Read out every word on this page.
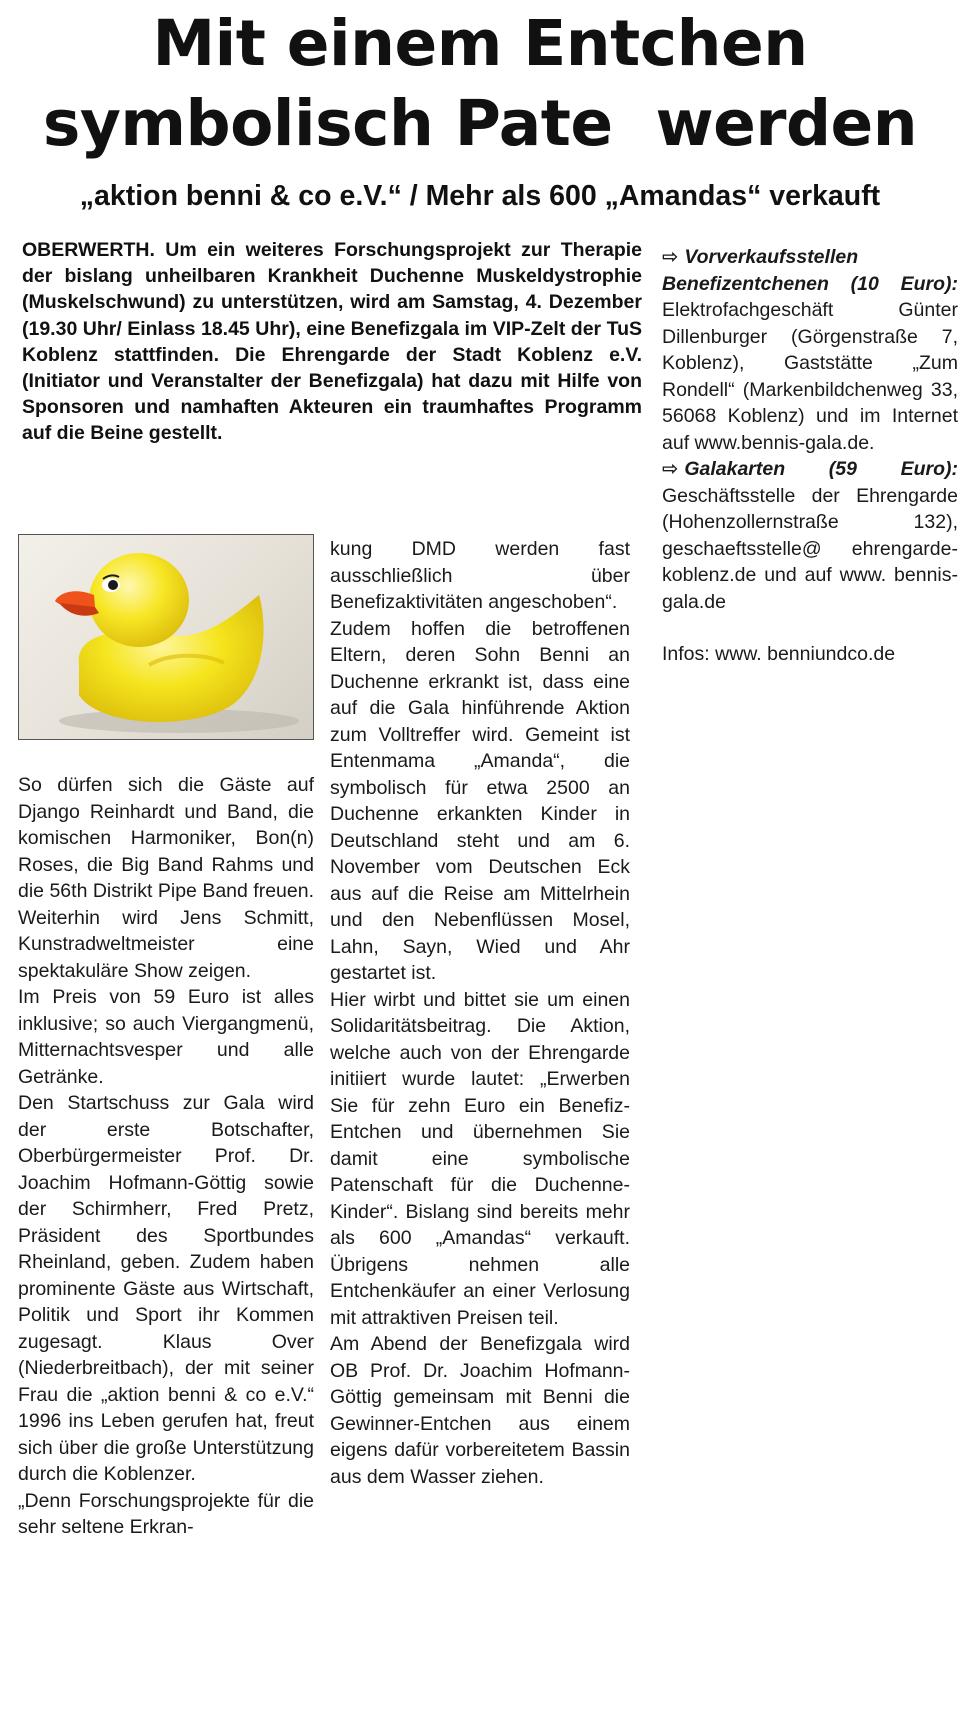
Mit einem Entchen
symbolisch Pate  werden
„aktion benni & co e.V.“ / Mehr als 600 „Amandas“ verkauft
OBERWERTH. Um ein weiteres Forschungsprojekt zur Therapie der bislang unheilbaren Krankheit Duchenne Muskeldystrophie (Muskelschwund) zu unterstützen, wird am Samstag, 4. Dezember (19.30 Uhr/ Einlass 18.45 Uhr), eine Benefizgala im VIP-Zelt der TuS Koblenz stattfinden. Die Ehrengarde der Stadt Koblenz e.V. (Initiator und Veranstalter der Benefizgala) hat dazu mit Hilfe von Sponsoren und namhaften Akteuren ein traumhaftes Programm auf die Beine gestellt.

So dürfen sich die Gäste auf Django Reinhardt und Band, die komischen Harmoniker, Bon(n) Roses, die Big Band Rahms und die 56th Distrikt Pipe Band freuen. Weiterhin wird Jens Schmitt, Kunstradweltmeister eine spektakuläre Show zeigen.

Im Preis von 59 Euro ist alles inklusive; so auch Viergangmenü, Mitternachtsvesper und alle Getränke.

Den Startschuss zur Gala wird der erste Botschafter, Oberbürgermeister Prof. Dr. Joachim Hofmann-Göttig sowie der Schirmherr, Fred Pretz, Präsident des Sportbundes Rheinland, geben. Zudem haben prominente Gäste aus Wirtschaft, Politik und Sport ihr Kommen zugesagt. Klaus Over (Niederbreitbach), der mit seiner Frau die „aktion benni & co e.V.“ 1996 ins Leben gerufen hat, freut sich über die große Unterstützung durch die Koblenzer.

„Denn Forschungsprojekte für die sehr seltene Erkran-

kung DMD werden fast ausschließlich über Benefizaktivitäten angeschoben“.

Zudem hoffen die betroffenen Eltern, deren Sohn Benni an Duchenne erkrankt ist, dass eine auf die Gala hinführende Aktion zum Volltreffer wird. Gemeint ist Entenmama „Amanda“, die symbolisch für etwa 2500 an Duchenne erkankten Kinder in Deutschland steht und am 6. November vom Deutschen Eck aus auf die Reise am Mittelrhein und den Nebenflüssen Mosel, Lahn, Sayn, Wied und Ahr gestartet ist.

Hier wirbt und bittet sie um einen Solidaritätsbeitrag. Die Aktion, welche auch von der Ehrengarde initiiert wurde lautet: „Erwerben Sie für zehn Euro ein Benefiz-Entchen und übernehmen Sie damit eine symbolische Patenschaft für die Duchenne-Kinder“. Bislang sind bereits mehr als 600 „Amandas“ verkauft. Übrigens nehmen alle Entchenkäufer an einer Verlosung mit attraktiven Preisen teil.

Am Abend der Benefizgala wird OB Prof. Dr. Joachim Hofmann-Göttig gemeinsam mit Benni die Gewinner-Entchen aus einem eigens dafür vorbereitetem Bassin aus dem Wasser ziehen.

⇨ Vorverkaufsstellen Benefizentchenen (10 Euro): Elektrofachgeschäft Günter Dillenburger (Görgenstraße 7, Koblenz), Gaststätte „Zum Rondell“ (Markenbildchenweg 33, 56068 Koblenz) und im Internet auf www.bennis-gala.de.
⇨ Galakarten (59 Euro): Geschäftsstelle der Ehrengarde (Hohenzollernstraße 132), geschaeftsstelle@ ehrengarde-koblenz.de und auf www. bennis-gala.de

Infos: www. benniundco.de
